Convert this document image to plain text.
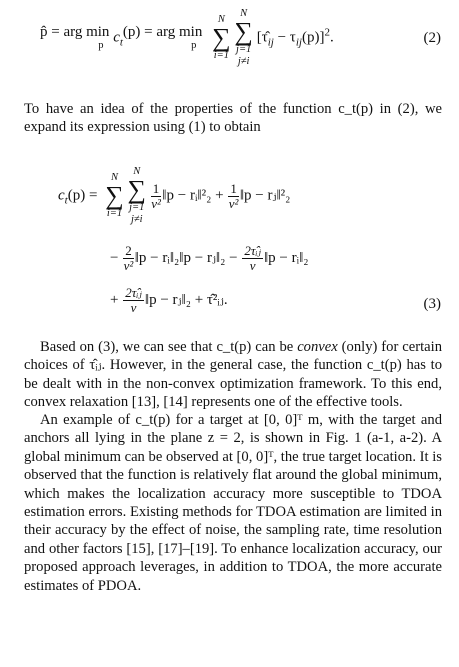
p̂ = arg min
p $c_t(p)$ = arg min
p

N
∑
i=1

N
∑
j=1
j≠i
$[\taû_{ij} - \tau_{ij}(p)]^2$.	(2)

To have an idea of the properties of the function c_t(p) in (2), we expand its expression using (1) to obtain

$c_t(p)$ =
N
∑
i=1

N
∑
j=1
j≠i

$\frac{1}{\text{v²}}$ ‖p − rᵢ‖²₂ + $\frac{1}{\text{v²}}$ ‖p − rⱼ‖²₂
− $\frac{2}{\text{v²}}$ ‖p − rᵢ‖₂‖p − rⱼ‖₂ − $\frac{\text{2τ̂ᵢⱼ}}{v}$ ‖p − rᵢ‖₂
+ $\frac{\text{2τ̂ᵢⱼ}}{v}$ ‖p − rⱼ‖₂ + τ̂²ᵢⱼ.	(3)

Based on (3), we can see that c_t(p) can be convex (only) for certain choices of τ̂ᵢⱼ. However, in the general case, the function c_t(p) has to be dealt with in the non-convex optimization framework. To this end, convex relaxation [13], [14] represents one of the effective tools.

An example of c_t(p) for a target at [0, 0]ᵀ m, with the target and anchors all lying in the plane z = 2, is shown in Fig. 1 (a-1, a-2). A global minimum can be observed at [0, 0]ᵀ, the true target location. It is observed that the function is relatively flat around the global minimum, which makes the localization accuracy more susceptible to TDOA estimation errors. Existing methods for TDOA estimation are limited in their accuracy by the effect of noise, the sampling rate, time resolution and other factors [15], [17]–[19]. To enhance localization accuracy, our proposed approach leverages, in addition to TDOA, the more accurate estimates of PDOA.
